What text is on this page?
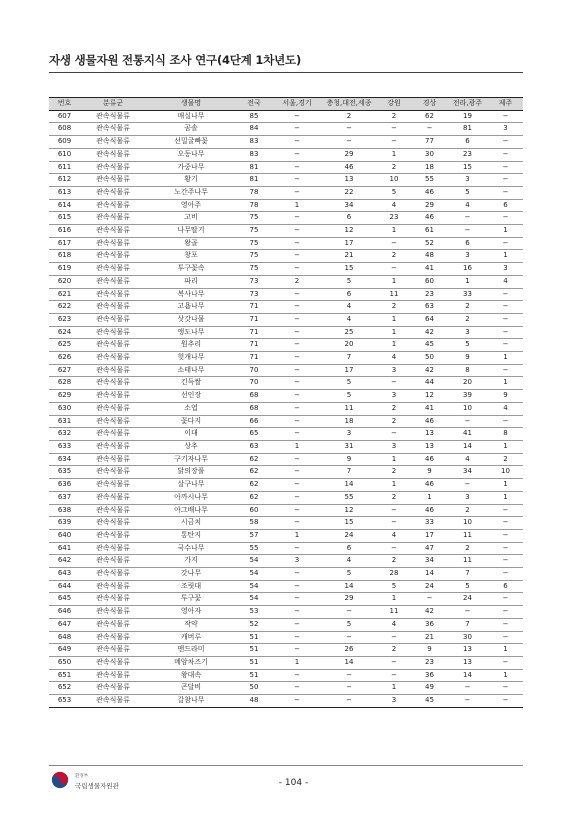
자생 생물자원 전통지식 조사 연구(4단계 1차년도)
번호	분류군	생물명	전국	서울,경기	충청,대전,세종	강원	경상	전라,광주	제주
607	관속식물류	매실나무	85	−	2	2	62	19	−
608	관속식물류	곰솔	84	−	−	−	−	81	3
609	관속식물류	선밀굴빠꽃	83	−	−	−	77	6	−
610	관속식물류	오동나무	83	−	29	1	30	23	−
611	관속식물류	가중나무	81	−	46	2	18	15	−
612	관속식물류	황기	81	−	13	10	55	3	−
613	관속식물류	노간주나무	78	−	22	5	46	5	−
614	관속식물류	영아주	78	1	34	4	29	4	6
615	관속식물류	고비	75	−	6	23	46	−	−
616	관속식물류	나무딸기	75	−	12	1	61	−	1
617	관속식물류	왕골	75	−	17	−	52	6	−
618	관속식물류	창포	75	−	21	2	48	3	1
619	관속식물류	투구꽃속	75	−	15	−	41	16	3
620	관속식물류	파리	73	2	5	1	60	1	4
621	관속식물류	복사나무	73	−	6	11	23	33	−
622	관속식물류	고욤나무	71	−	4	2	63	2	−
623	관속식물류	삿갓나물	71	−	4	1	64	2	−
624	관속식물류	앵도나무	71	−	25	1	42	3	−
625	관속식물류	원추리	71	−	20	1	45	5	−
626	관속식물류	헛개나무	71	−	7	4	50	9	1
627	관속식물류	소태나무	70	−	17	3	42	8	−
628	관속식물류	긴득쌀	70	−	5	−	44	20	1
629	관속식물류	선인장	68	−	5	3	12	39	9
630	관속식물류	소엽	68	−	11	2	41	10	4
631	관속식물류	꽃다지	66	−	18	2	46	−	−
632	관속식물류	이대	65	−	3	−	13	41	8
633	관속식물류	상추	63	1	31	3	13	14	1
634	관속식물류	구기자나무	62	−	9	1	46	4	2
635	관속식물류	닭의장풀	62	−	7	2	9	34	10
636	관속식물류	살구나무	62	−	14	1	46	−	1
637	관속식물류	아까시나무	62	−	55	2	1	3	1
638	관속식물류	아그배나무	60	−	12	−	46	2	−
639	관속식물류	시금치	58	−	15	−	33	10	−
640	관속식물류	통탄지	57	1	24	4	17	11	−
641	관속식물류	국수나무	55	−	6	−	47	2	−
642	관속식물류	가지	54	3	4	2	34	11	−
643	관속식물류	갓나무	54	−	5	28	14	7	−
644	관속식물류	조릿대	54	−	14	5	24	5	6
645	관속식물류	투구꽃	54	−	29	1	−	24	−
646	관속식물류	영아자	53	−	−	11	42	−	−
647	관속식물류	작약	52	−	5	4	36	7	−
648	관속식물류	캐버루	51	−	−	−	21	30	−
649	관속식물류	맨드라미	51	−	26	2	9	13	1
650	관속식물류	메암차즈기	51	1	14	−	23	13	−
651	관속식물류	왕대속	51	−	−	−	36	14	1
652	관속식물류	곤달비	50	−	−	1	49	−	−
653	관속식물류	갈참나무	48	−	−	3	45	−	−
환경부
국립생물자원관	- 104 -
